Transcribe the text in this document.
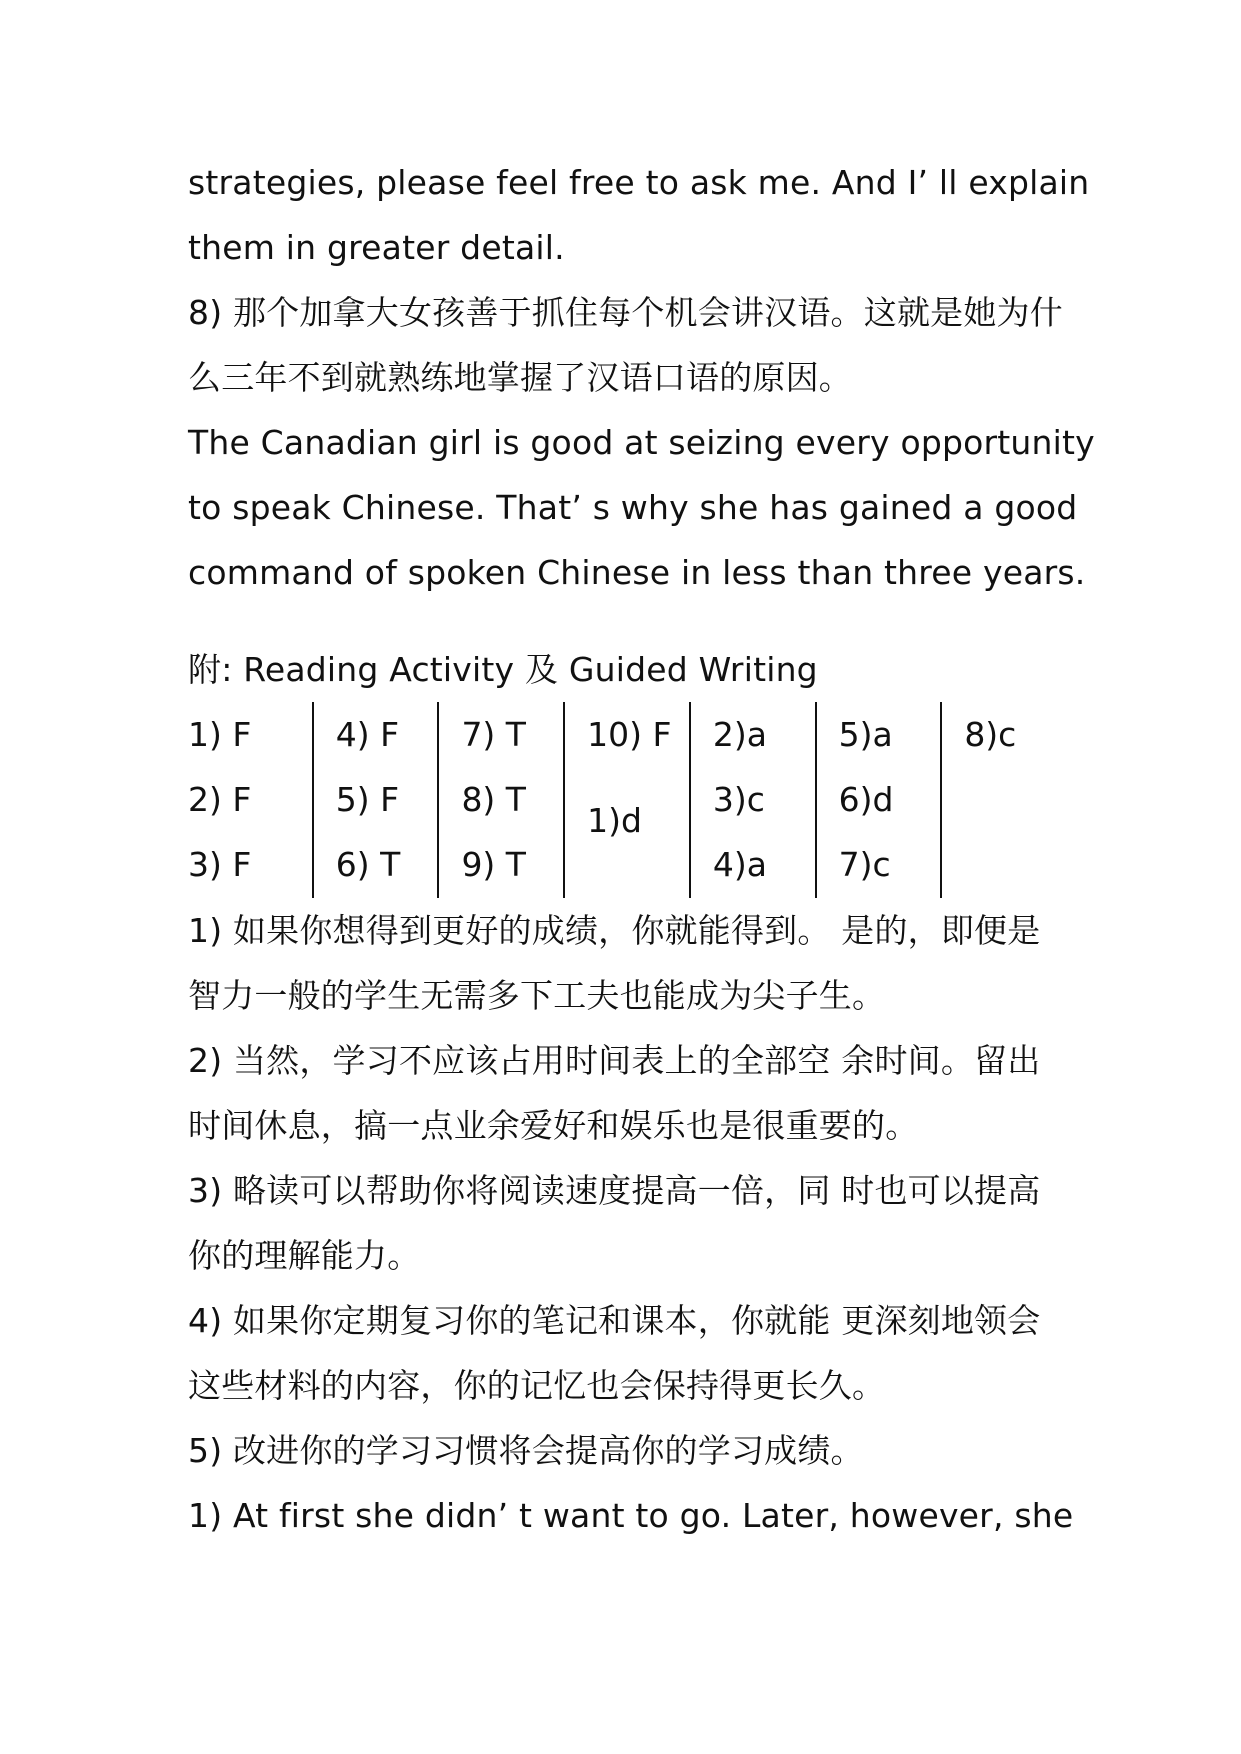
strategies, please feel free to ask me. And I’ ll explain
them in greater detail.
8) 那个加拿大女孩善于抓住每个机会讲汉语。这就是她为什
么三年不到就熟练地掌握了汉语口语的原因。
The Canadian girl is good at seizing every opportunity
to speak Chinese. That’ s why she has gained a good
command of spoken Chinese in less than three years.
附: Reading Activity 及 Guided Writing
1) F
2) F
3) F
4) F
5) F
6) T
7) T
8) T
9) T
10) F
1)d
2)a
3)c
4)a
5)a
6)d
7)c
8)c
1) 如果你想得到更好的成绩，你就能得到。 是的，即便是
智力一般的学生无需多下工夫也能成为尖子生。
2) 当然，学习不应该占用时间表上的全部空 余时间。留出
时间休息，搞一点业余爱好和娱乐也是很重要的。
3) 略读可以帮助你将阅读速度提高一倍，同 时也可以提高
你的理解能力。
4) 如果你定期复习你的笔记和课本，你就能 更深刻地领会
这些材料的内容，你的记忆也会保持得更长久。
5) 改进你的学习习惯将会提高你的学习成绩。
1) At first she didn’ t want to go. Later, however, she
